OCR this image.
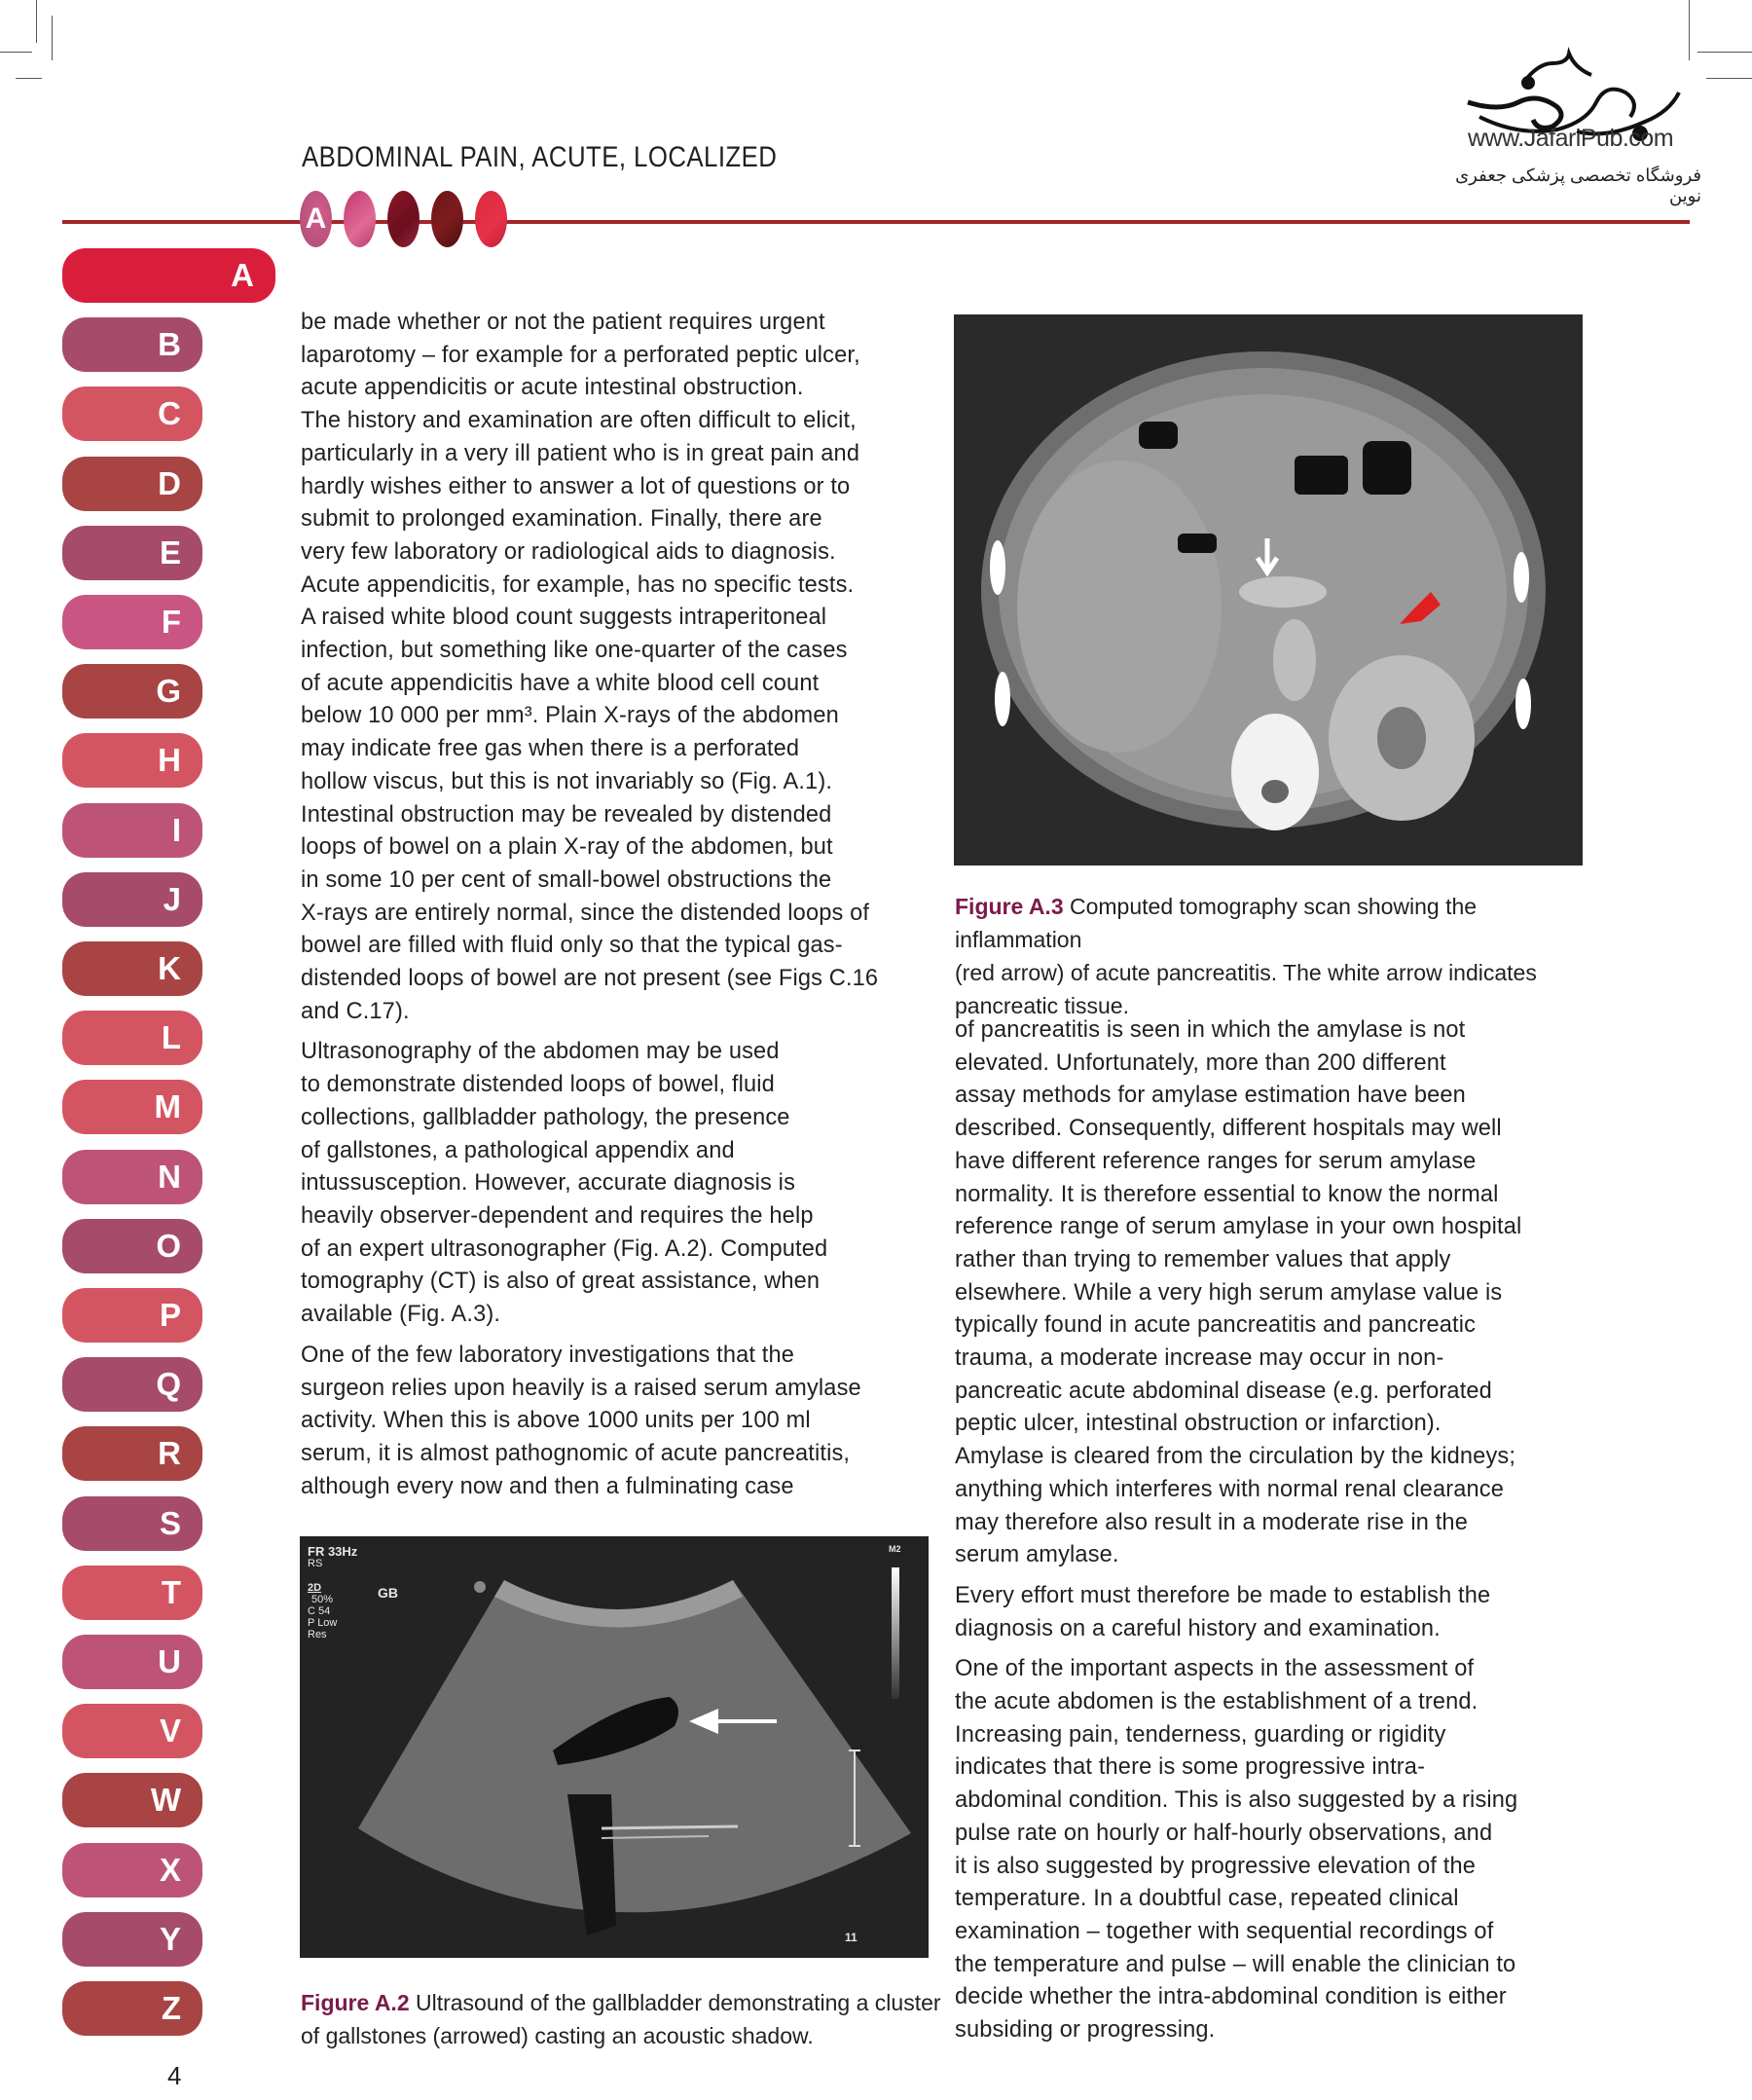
www.JafariPub.com
فروشگاه تخصصی پزشکی جعفری نوین
ABDOMINAL PAIN, ACUTE, LOCALIZED
A
A
B
C
D
E
F
G
H
I
J
K
L
M
N
O
P
Q
R
S
T
U
V
W
X
Y
Z

be made whether or not the patient requires urgent
laparotomy – for example for a perforated peptic ulcer,
acute appendicitis or acute intestinal obstruction.
The history and examination are often difficult to elicit,
particularly in a very ill patient who is in great pain and
hardly wishes either to answer a lot of questions or to
submit to prolonged examination. Finally, there are
very few laboratory or radiological aids to diagnosis.
Acute appendicitis, for example, has no specific tests.
A raised white blood count suggests intraperitoneal
infection, but something like one-quarter of the cases
of acute appendicitis have a white blood cell count
below 10 000 per mm³. Plain X-rays of the abdomen
may indicate free gas when there is a perforated
hollow viscus, but this is not invariably so (Fig. A.1).
Intestinal obstruction may be revealed by distended
loops of bowel on a plain X-ray of the abdomen, but
in some 10 per cent of small-bowel obstructions the
X-rays are entirely normal, since the distended loops of
bowel are filled with fluid only so that the typical gas-
distended loops of bowel are not present (see Figs C.16
and C.17).

Ultrasonography of the abdomen may be used
to demonstrate distended loops of bowel, fluid
collections, gallbladder pathology, the presence
of gallstones, a pathological appendix and
intussusception. However, accurate diagnosis is
heavily observer-dependent and requires the help
of an expert ultrasonographer (Fig. A.2). Computed
tomography (CT) is also of great assistance, when
available (Fig. A.3).

One of the few laboratory investigations that the
surgeon relies upon heavily is a raised serum amylase
activity. When this is above 1000 units per 100 ml
serum, it is almost pathognomic of acute pancreatitis,
although every now and then a fulminating case

Figure A.3 Computed tomography scan showing the inflammation
(red arrow) of acute pancreatitis. The white arrow indicates
pancreatic tissue.

of pancreatitis is seen in which the amylase is not
elevated. Unfortunately, more than 200 different
assay methods for amylase estimation have been
described. Consequently, different hospitals may well
have different reference ranges for serum amylase
normality. It is therefore essential to know the normal
reference range of serum amylase in your own hospital
rather than trying to remember values that apply
elsewhere. While a very high serum amylase value is
typically found in acute pancreatitis and pancreatic
trauma, a moderate increase may occur in non-
pancreatic acute abdominal disease (e.g. perforated
peptic ulcer, intestinal obstruction or infarction).
Amylase is cleared from the circulation by the kidneys;
anything which interferes with normal renal clearance
may therefore also result in a moderate rise in the
serum amylase.

Every effort must therefore be made to establish the
diagnosis on a careful history and examination.

One of the important aspects in the assessment of
the acute abdomen is the establishment of a trend.
Increasing pain, tenderness, guarding or rigidity
indicates that there is some progressive intra-
abdominal condition. This is also suggested by a rising
pulse rate on hourly or half-hourly observations, and
it is also suggested by progressive elevation of the
temperature. In a doubtful case, repeated clinical
examination – together with sequential recordings of
the temperature and pulse – will enable the clinician to
decide whether the intra-abdominal condition is either
subsiding or progressing.

FR 33Hz
RS
2D
50%
C 54
P Low
Res
GB
M2
11
Figure A.2 Ultrasound of the gallbladder demonstrating a cluster
of gallstones (arrowed) casting an acoustic shadow.
4
